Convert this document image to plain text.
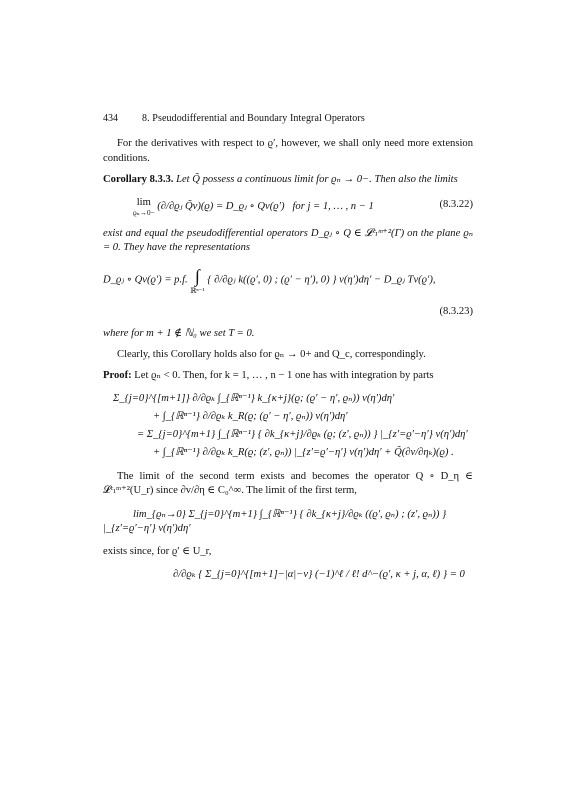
434 8. Pseudodifferential and Boundary Integral Operators

For the derivatives with respect to ϱ′, however, we shall only need more extension conditions.

Corollary 8.3.3. Let Q̃ possess a continuous limit for ϱₙ → 0−. Then also the limits

lim
ϱₙ→0−
(∂/∂ϱⱼ Q̃v)(ϱ) = D_ϱⱼ ∘ Qv(ϱ′) for j = 1, … , n − 1	(8.3.22)

exist and equal the pseudodifferential operators D_ϱⱼ ∘ Q ∈ 𝓛ᶜₗᵐ⁺²(Γ) on the plane ϱₙ = 0. They have the representations

D_ϱⱼ ∘ Qv(ϱ′) = p.f. ∫
ℝⁿ⁻¹
{ ∂/∂ϱⱼ k((ϱ′, 0) ; (ϱ′ − η′), 0) } v(η′)dη′ − D_ϱⱼ Tv(ϱ′),
(8.3.23)

where for m + 1 ∉ ℕ₀ we set T = 0.

Clearly, this Corollary holds also for ϱₙ → 0+ and Q_c, correspondingly.

Proof: Let ϱₙ < 0. Then, for k = 1, … , n − 1 one has with integration by parts

Σ_{j=0}^{[m+1]} ∂/∂ϱₖ ∫_{ℝⁿ⁻¹} k_{κ+j}(ϱ; (ϱ′ − η′, ϱₙ)) v(η′)dη′
+ ∫_{ℝⁿ⁻¹} ∂/∂ϱₖ k_R(ϱ; (ϱ′ − η′, ϱₙ)) v(η′)dη′
= Σ_{j=0}^{m+1} ∫_{ℝⁿ⁻¹} { ∂k_{κ+j}/∂ϱₖ (ϱ; (z′, ϱₙ)) } |_{z′=ϱ′−η′} v(η′)dη′
+ ∫_{ℝⁿ⁻¹} ∂/∂ϱₖ k_R(ϱ; (z′, ϱₙ)) |_{z′=ϱ′−η′} v(η′)dη′ + Q̃(∂v/∂ηₖ)(ϱ) .

The limit of the second term exists and becomes the operator Q ∘ D_η ∈ 𝓛ᶜₗᵐ⁺²(U_r) since ∂v/∂η ∈ C₀^∞. The limit of the first term,

lim_{ϱₙ→0} Σ_{j=0}^{m+1} ∫_{ℝⁿ⁻¹} { ∂k_{κ+j}/∂ϱₖ ((ϱ′, ϱₙ) ; (z′, ϱₙ)) } |_{z′=ϱ′−η′} v(η′)dη′

exists since, for ϱ′ ∈ U_r,

∂/∂ϱₖ { Σ_{j=0}^{[m+1]−|α|−ν} (−1)^ℓ / ℓ! d^−(ϱ′, κ + j, α, ℓ) } = 0
